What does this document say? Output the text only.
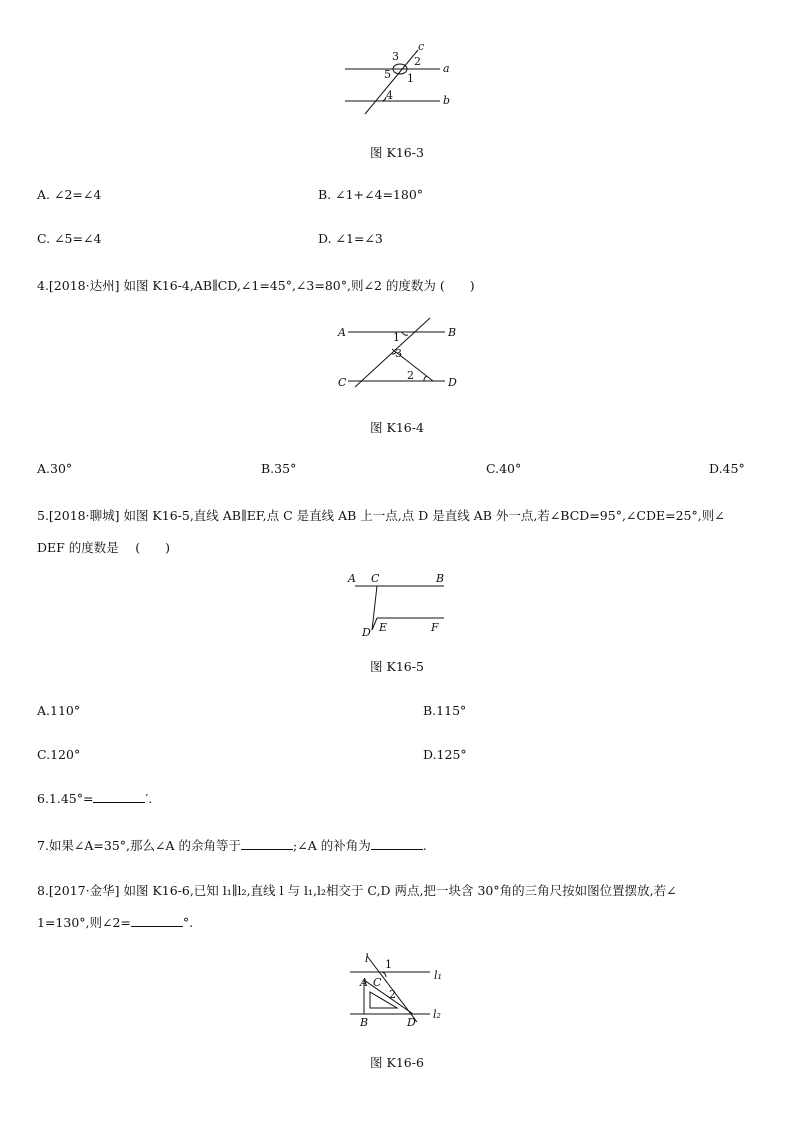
c
a
b
3 2
5 1
4
图 K16-3
A. ∠2=∠4	B. ∠1+∠4=180°
C. ∠5=∠4	D. ∠1=∠3
4.[2018·达州] 如图 K16-4,AB∥CD,∠1=45°,∠3=80°,则∠2 的度数为 (　　)
A	B
C	D
1
3
2
图 K16-4
A.30°	B.35°	C.40°	D.45°
5.[2018·聊城] 如图 K16-5,直线 AB∥EF,点 C 是直线 AB 上一点,点 D 是直线 AB 外一点,若∠BCD=95°,∠CDE=25°,则∠
DEF 的度数是　 (　　)
A C	B
D E	F
图 K16-5
A.110°	B.115°
C.120°	D.125°
6.1.45°=	′.
7.如果∠A=35°,那么∠A 的余角等于	;∠A 的补角为	.
8.[2017·金华] 如图 K16-6,已知 l₁∥l₂,直线 l 与 l₁,l₂相交于 C,D 两点,把一块含 30°角的三角尺按如图位置摆放,若∠
1=130°,则∠2=	°.
l 1
l₁
A C
2
l₂
B	D
图 K16-6
